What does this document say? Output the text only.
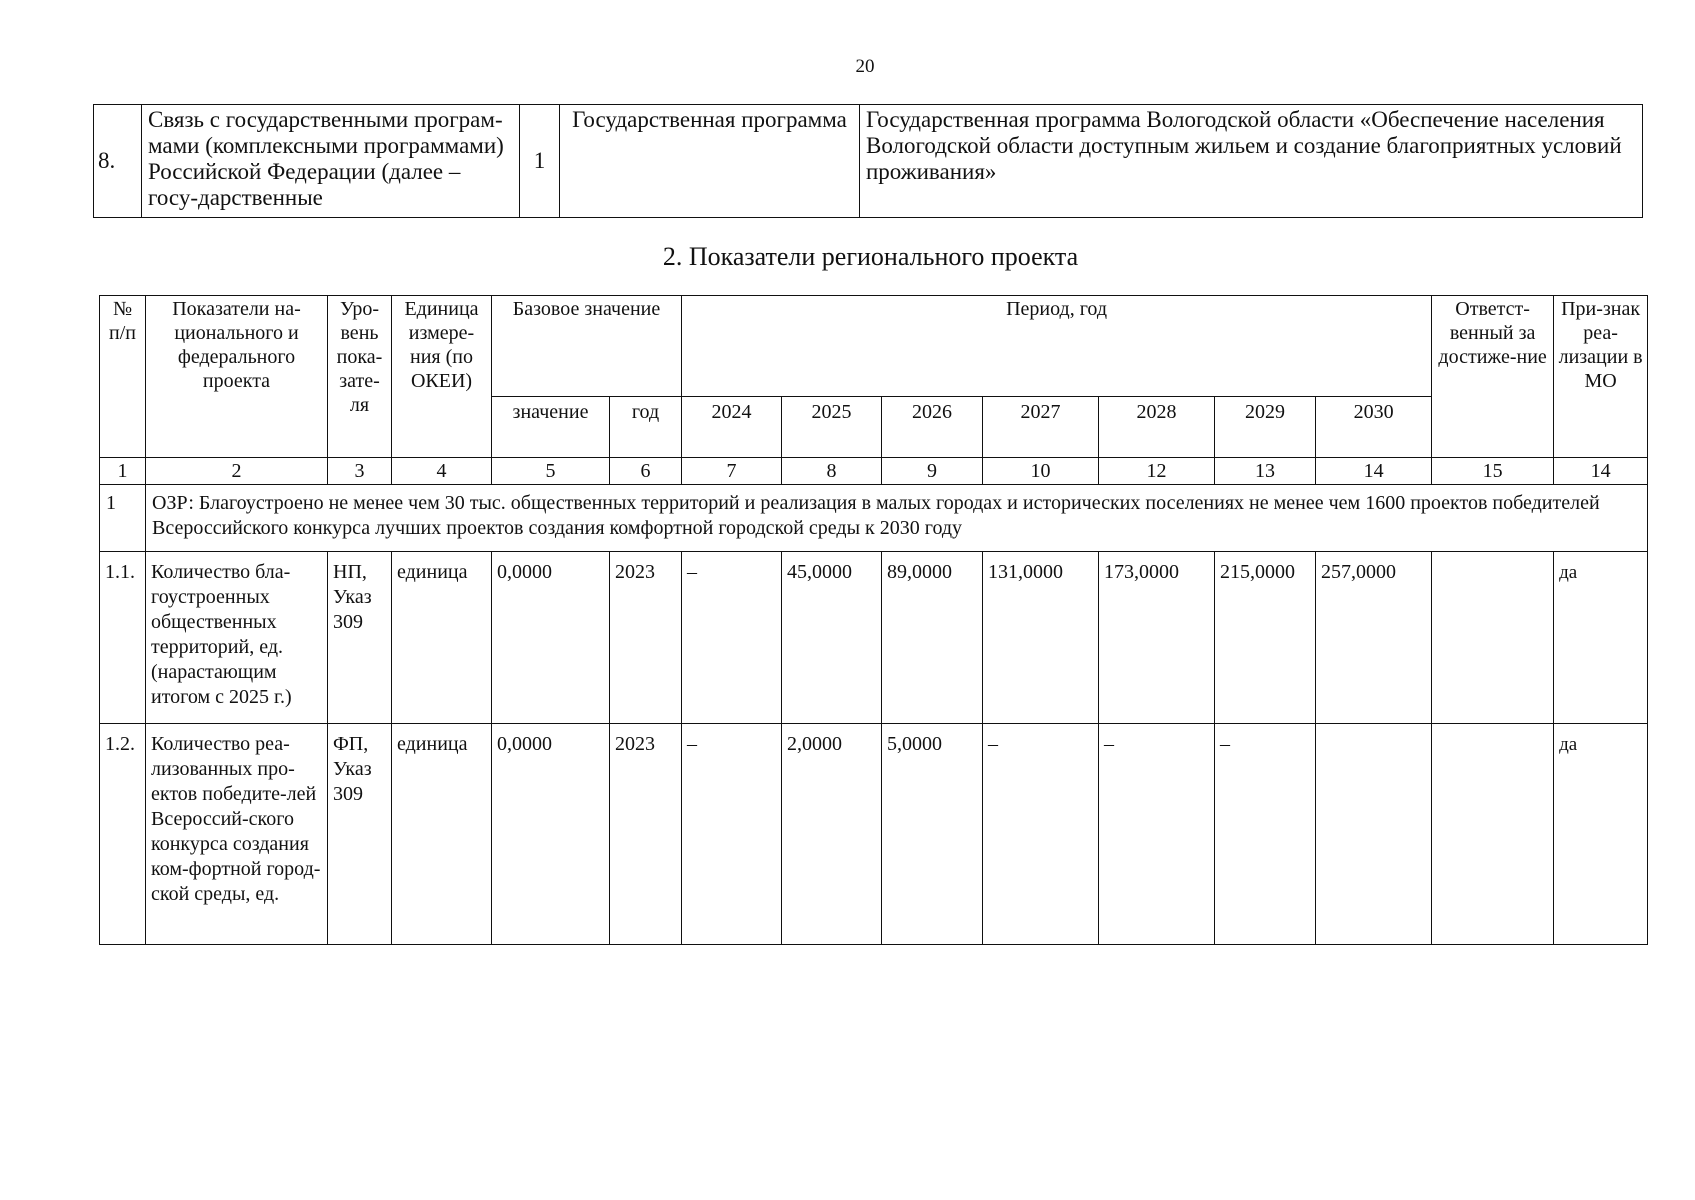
20
8.	Связь с государственными програм-мами (комплексными программами) Российской Федерации (далее – госу-дарственные	1	Государственная программа	Государственная программа Вологодской области «Обеспечение населения Вологодской области доступным жильем и создание благоприятных условий проживания»
2. Показатели регионального проекта
№ п/п	Показатели на-ционального и федерального проекта	Уро-вень пока-зате-ля	Единица измере-ния (по ОКЕИ)	Базовое значение		Период, год							Ответст-венный за достиже-ние	При-знак реа-лизации в МО
				значение	год	2024	2025	2026	2027	2028	2029	2030		
1	2	3	4	5	6	7	8	9	10	12	13	14	15	14
1	ОЗР: Благоустроено не менее чем 30 тыс. общественных территорий и реализация в малых городах и исторических поселениях не менее чем 1600 проектов победителей Всероссийского конкурса лучших проектов создания комфортной городской среды к 2030 году													
1.1.	Количество бла-гоустроенных общественных территорий, ед. (нарастающим итогом с 2025 г.)	НП, Указ 309	единица	0,0000	2023	–	45,0000	89,0000	131,0000	173,0000	215,0000	257,0000		да
1.2.	Количество реа-лизованных про-ектов победите-лей Всероссий-ского конкурса создания ком-фортной город-ской среды, ед.	ФП, Указ 309	единица	0,0000	2023	–	2,0000	5,0000	–	–	–			да
